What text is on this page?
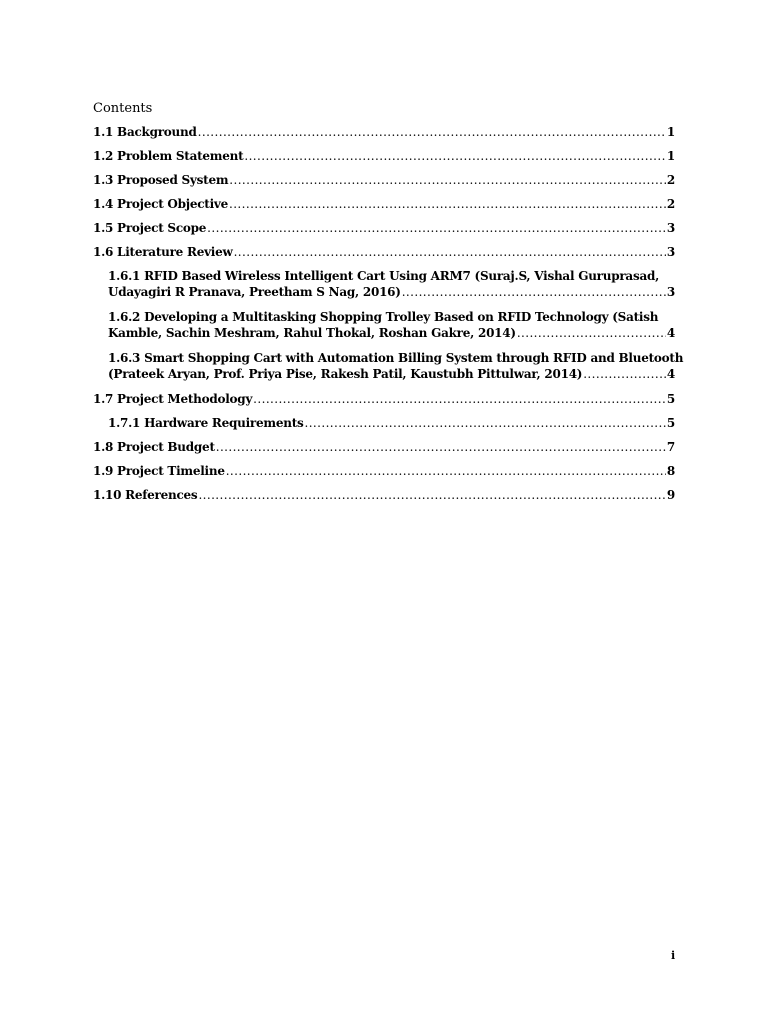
Contents
1.1 Background .....	1
1.2 Problem Statement .....	1
1.3 Proposed System .....	2
1.4 Project Objective .....	2
1.5 Project Scope .....	3
1.6 Literature Review .....	3
1.6.1 RFID Based Wireless Intelligent Cart Using ARM7 (Suraj.S, Vishal Guruprasad,
Udayagiri R Pranava, Preetham S Nag, 2016) .....	3
1.6.2 Developing a Multitasking Shopping Trolley Based on RFID Technology (Satish
Kamble, Sachin Meshram, Rahul Thokal, Roshan Gakre, 2014) .....	4
1.6.3 Smart Shopping Cart with Automation Billing System through RFID and Bluetooth
(Prateek Aryan, Prof. Priya Pise, Rakesh Patil, Kaustubh Pittulwar, 2014) .....	4
1.7 Project Methodology .....	5
1.7.1 Hardware Requirements .....	5
1.8 Project Budget .....	7
1.9 Project Timeline .....	8
1.10 References .....	9
i
